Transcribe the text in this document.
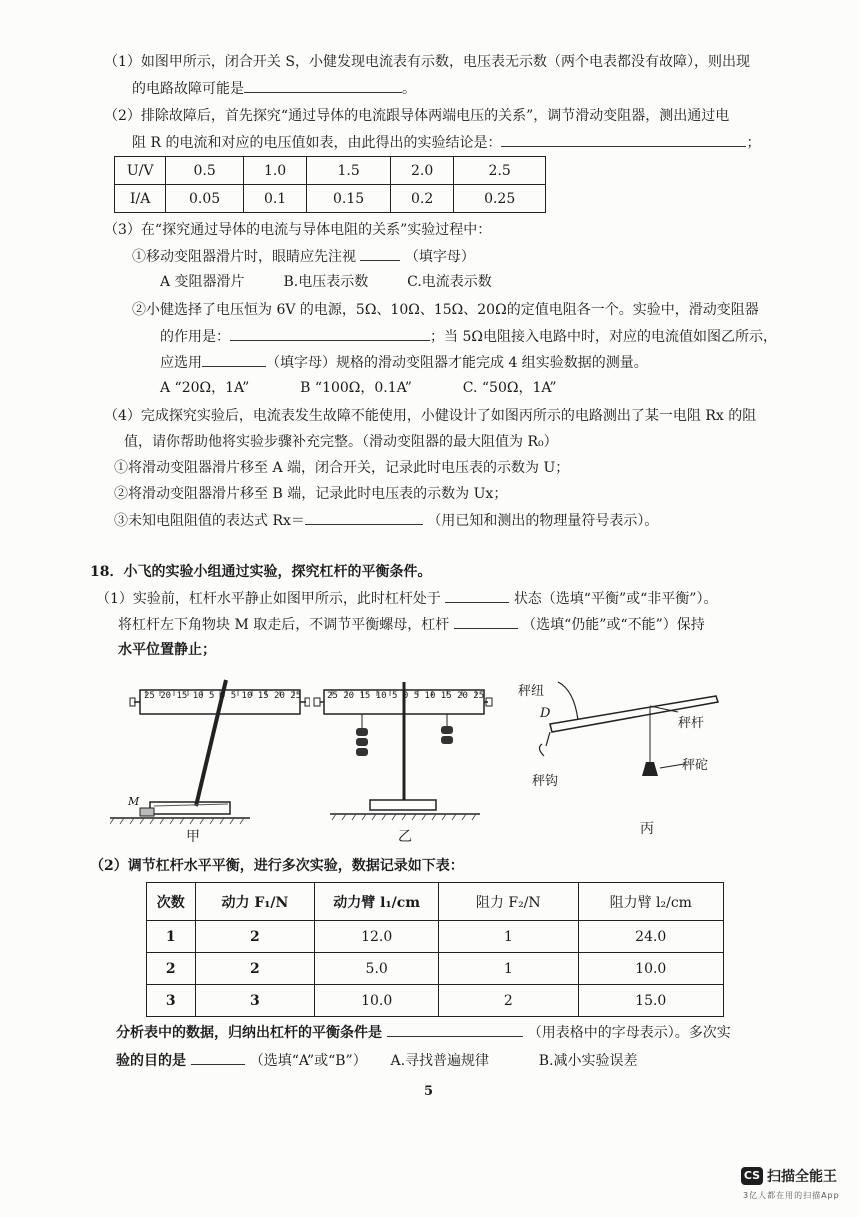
（1）如图甲所示，闭合开关 S，小健发现电流表有示数，电压表无示数（两个电表都没有故障），则出现
的电路故障可能是	。
（2）排除故障后，首先探究“通过导体的电流跟导体两端电压的关系”，调节滑动变阻器，测出通过电
阻 R 的电流和对应的电压值如表，由此得出的实验结论是：	；
U/V	0.5	1.0	1.5	2.0	2.5
I/A	0.05	0.1	0.15	0.2	0.25
（3）在“探究通过导体的电流与导体电阻的关系”实验过程中：
①移动变阻器滑片时，眼睛应先注视	（填字母）
A 变阻器滑片	B.电压表示数	C.电流表示数
②小健选择了电压恒为 6V 的电源，5Ω、10Ω、15Ω、20Ω的定值电阻各一个。实验中，滑动变阻器
的作用是：	；当 5Ω电阻接入电路中时，对应的电流值如图乙所示，
应选用	（填字母）规格的滑动变阻器才能完成 4 组实验数据的测量。
A “20Ω，1A”	B “100Ω，0.1A”	C. “50Ω，1A”
（4）完成探究实验后，电流表发生故障不能使用，小健设计了如图丙所示的电路测出了某一电阻 Rx 的阻
值，请你帮助他将实验步骤补充完整。（滑动变阻器的最大阻值为 R₀）
①将滑动变阻器滑片移至 A 端，闭合开关，记录此时电压表的示数为 U；
②将滑动变阻器滑片移至 B 端，记录此时电压表的示数为 Ux；
③未知电阻阻值的表达式 Rx＝	（用已知和测出的物理量符号表示）。
18．小飞的实验小组通过实验，探究杠杆的平衡条件。
（1）实验前，杠杆水平静止如图甲所示，此时杠杆处于	状态（选填“平衡”或“非平衡”）。
将杠杆左下角物块 M 取走后，不调节平衡螺母，杠杆	（选填“仍能”或“不能”）保持
水平位置静止；
25 20 15 10 5 0 5 10 15 20 25
M
甲
25 20 15 10 5 0 5 10 15 20 25
乙
秤纽
D
秤杆
秤砣
秤钩
丙
（2）调节杠杆水平平衡，进行多次实验，数据记录如下表：
次数	动力 F₁/N	动力臂 l₁/cm	阻力 F₂/N	阻力臂 l₂/cm
1	2	12.0	1	24.0
2	2	5.0	1	10.0
3	3	10.0	2	15.0
分析表中的数据，归纳出杠杆的平衡条件是	（用表格中的字母表示）。多次实
验的目的是	（选填“A”或“B”） A.寻找普遍规律	B.减小实验误差
5
CS 扫描全能王
3亿人都在用的扫描App
